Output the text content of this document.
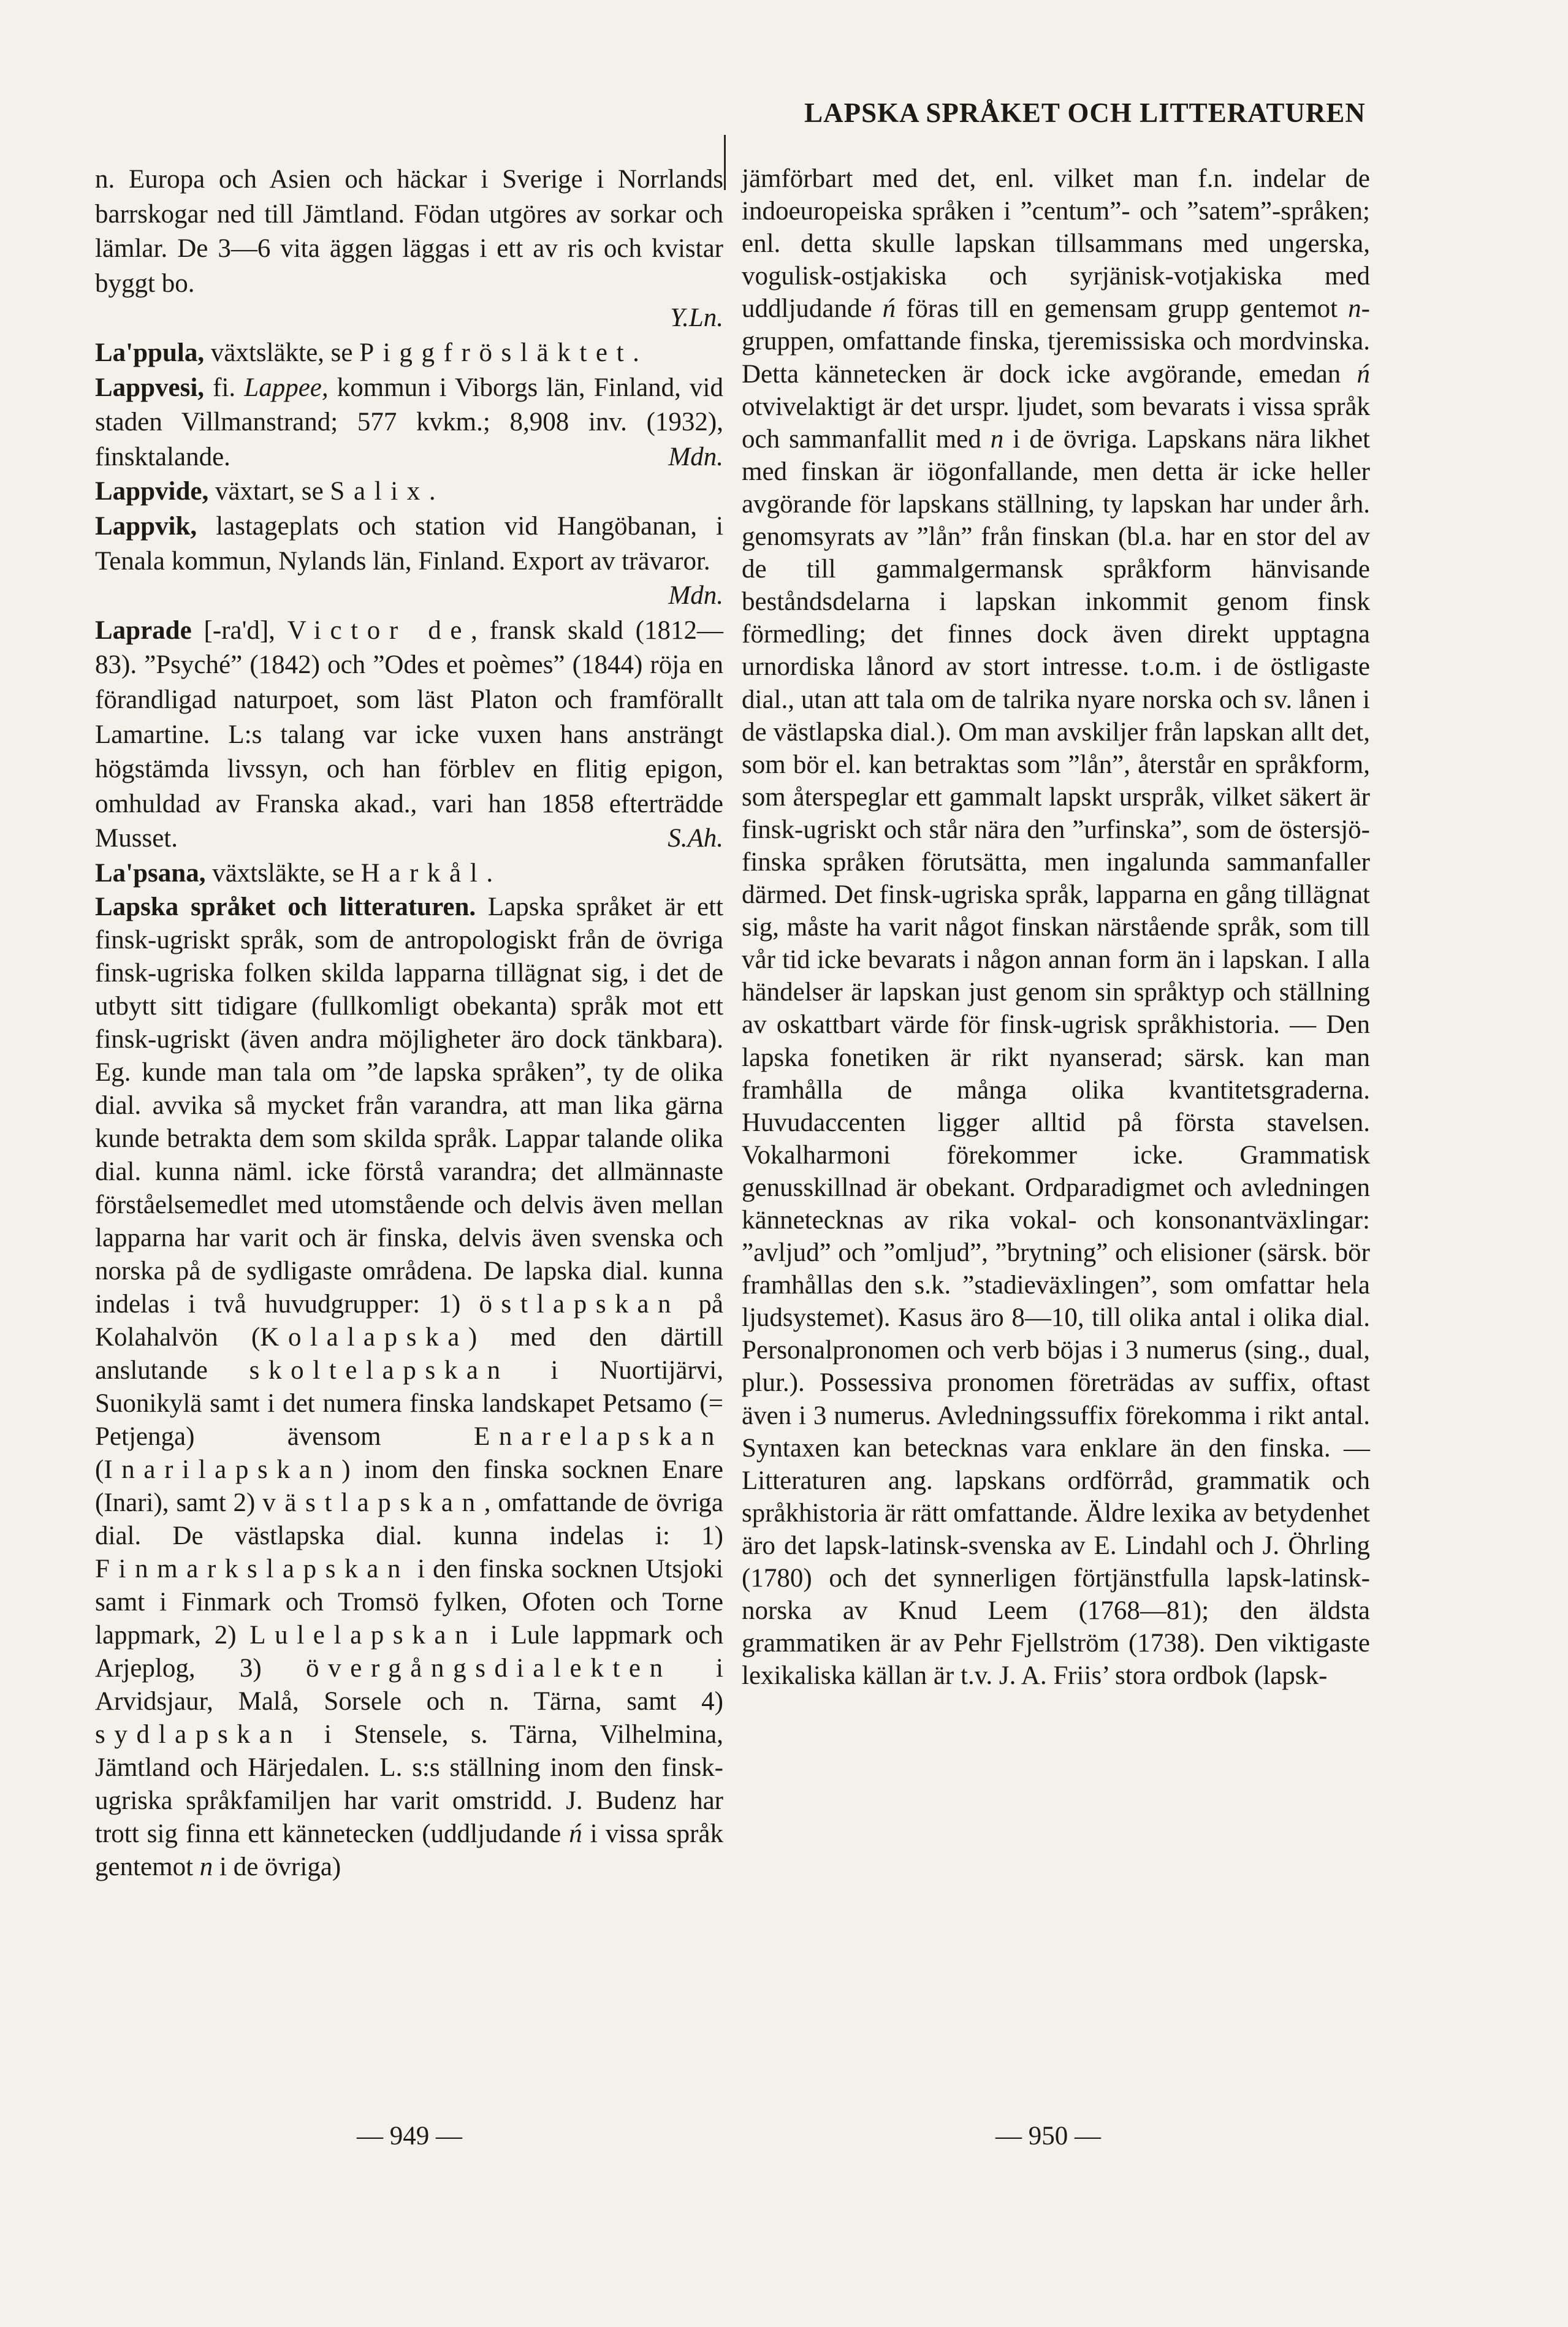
LAPSKA SPRÅKET OCH LITTERATUREN

n. Europa och Asien och häckar i Sverige i Norrlands barrskogar ned till Jämtland. Födan utgöres av sorkar och lämlar. De 3—6 vita äggen läggas i ett av ris och kvistar byggt bo.
Y.Ln.

La'ppula, växtsläkte, se Piggfrösläktet.

Lappvesi, fi. Lappee, kommun i Viborgs län, Finland, vid staden Villmanstrand; 577 kvkm.; 8,908 inv. (1932), finsktalande.	Mdn.

Lappvide, växtart, se Salix.

Lappvik, lastageplats och station vid Hangöbanan, i Tenala kommun, Nylands län, Finland. Export av trävaror.
Mdn.

Laprade [-ra'd], Victor de, fransk skald (1812—83). ”Psyché” (1842) och ”Odes et poèmes” (1844) röja en förandligad naturpoet, som läst Platon och framförallt Lamartine. L:s talang var icke vuxen hans ansträngt högstämda livssyn, och han förblev en flitig epigon, omhuldad av Franska akad., vari han 1858 efterträdde Musset.	S.Ah.

La'psana, växtsläkte, se Harkål.

Lapska språket och litteraturen. Lapska språket är ett finsk-ugriskt språk, som de antropologiskt från de övriga finsk-ugriska folken skilda lapparna tillägnat sig, i det de utbytt sitt tidigare (fullkomligt obekanta) språk mot ett finsk-ugriskt (även andra möjligheter äro dock tänkbara). Eg. kunde man tala om ”de lapska språken”, ty de olika dial. avvika så mycket från varandra, att man lika gärna kunde betrakta dem som skilda språk. Lappar talande olika dial. kunna näml. icke förstå varandra; det allmännaste förståelsemedlet med utomstående och delvis även mellan lapparna har varit och är finska, delvis även svenska och norska på de sydligaste områdena. De lapska dial. kunna indelas i två huvudgrupper: 1) östlapskan på Kolahalvön (Kolalapska) med den därtill anslutande skoltelapskan i Nuortijärvi, Suonikylä samt i det numera finska landskapet Petsamo (= Petjenga) ävensom Enarelapskan (Inarilapskan) inom den finska socknen Enare (Inari), samt 2) västlapskan, omfattande de övriga dial. De västlapska dial. kunna indelas i: 1) Finmarkslapskan i den finska socknen Utsjoki samt i Finmark och Tromsö fylken, Ofoten och Torne lappmark, 2) Lulelapskan i Lule lappmark och Arjeplog, 3) övergångsdialekten i Arvidsjaur, Malå, Sorsele och n. Tärna, samt 4) sydlapskan i Stensele, s. Tärna, Vilhelmina, Jämtland och Härjedalen. L. s:s ställning inom den finsk-ugriska språkfamiljen har varit omstridd. J. Budenz har trott sig finna ett kännetecken (uddljudande ń i vissa språk gentemot n i de övriga)

jämförbart med det, enl. vilket man f.n. indelar de indoeuropeiska språken i ”centum”- och ”satem”-språken; enl. detta skulle lapskan tillsammans med ungerska, vogulisk-ostjakiska och syrjänisk-votjakiska med uddljudande ń föras till en gemensam grupp gentemot n-gruppen, omfattande finska, tjeremissiska och mordvinska. Detta kännetecken är dock icke avgörande, emedan ń otvivelaktigt är det urspr. ljudet, som bevarats i vissa språk och sammanfallit med n i de övriga. Lapskans nära likhet med finskan är iögonfallande, men detta är icke heller avgörande för lapskans ställning, ty lapskan har under årh. genomsyrats av ”lån” från finskan (bl.a. har en stor del av de till gammalgermansk språkform hänvisande beståndsdelarna i lapskan inkommit genom finsk förmedling; det finnes dock även direkt upptagna urnordiska lånord av stort intresse. t.o.m. i de östligaste dial., utan att tala om de talrika nyare norska och sv. lånen i de västlapska dial.). Om man avskiljer från lapskan allt det, som bör el. kan betraktas som ”lån”, återstår en språkform, som återspeglar ett gammalt lapskt urspråk, vilket säkert är finsk-ugriskt och står nära den ”urfinska”, som de östersjö-finska språken förutsätta, men ingalunda sammanfaller därmed. Det finsk-ugriska språk, lapparna en gång tillägnat sig, måste ha varit något finskan närstående språk, som till vår tid icke bevarats i någon annan form än i lapskan. I alla händelser är lapskan just genom sin språktyp och ställning av oskattbart värde för finsk-ugrisk språkhistoria. — Den lapska fonetiken är rikt nyanserad; särsk. kan man framhålla de många olika kvantitetsgraderna. Huvudaccenten ligger alltid på första stavelsen. Vokalharmoni förekommer icke. Grammatisk genusskillnad är obekant. Ordparadigmet och avledningen kännetecknas av rika vokal- och konsonantväxlingar: ”avljud” och ”omljud”, ”brytning” och elisioner (särsk. bör framhållas den s.k. ”stadieväxlingen”, som omfattar hela ljudsystemet). Kasus äro 8—10, till olika antal i olika dial. Personalpronomen och verb böjas i 3 numerus (sing., dual, plur.). Possessiva pronomen företrädas av suffix, oftast även i 3 numerus. Avledningssuffix förekomma i rikt antal. Syntaxen kan betecknas vara enklare än den finska. — Litteraturen ang. lapskans ordförråd, grammatik och språkhistoria är rätt omfattande. Äldre lexika av betydenhet äro det lapsk-latinsk-svenska av E. Lindahl och J. Öhrling (1780) och det synnerligen förtjänstfulla lapsk-latinsk-norska av Knud Leem (1768—81); den äldsta grammatiken är av Pehr Fjellström (1738). Den viktigaste lexikaliska källan är t.v. J. A. Friis’ stora ordbok (lapsk-

— 949 —	— 950 —
